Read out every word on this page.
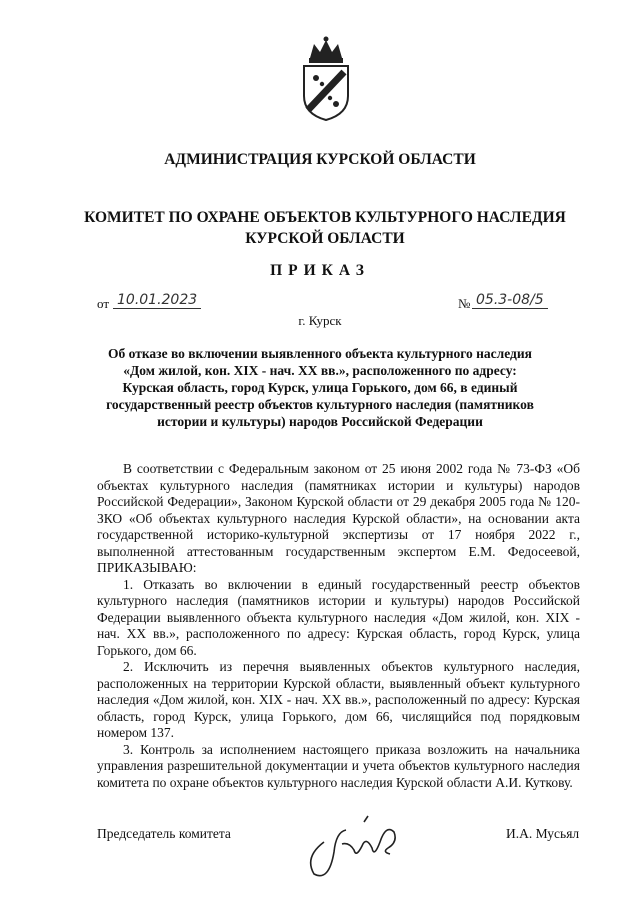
АДМИНИСТРАЦИЯ КУРСКОЙ ОБЛАСТИ
КОМИТЕТ ПО ОХРАНЕ ОБЪЕКТОВ КУЛЬТУРНОГО НАСЛЕДИЯ КУРСКОЙ ОБЛАСТИ
ПРИКАЗ
от 10.01.2023	№ 05.3-08/5
г. Курск
Об отказе во включении выявленного объекта культурного наследия «Дом жилой, кон. XIX - нач. XX вв.», расположенного по адресу: Курская область, город Курск, улица Горького, дом 66, в единый государственный реестр объектов культурного наследия (памятников истории и культуры) народов Российской Федерации

В соответствии с Федеральным законом от 25 июня 2002 года № 73-ФЗ «Об объектах культурного наследия (памятниках истории и культуры) народов Российской Федерации», Законом Курской области от 29 декабря 2005 года № 120-ЗКО «Об объектах культурного наследия Курской области», на основании акта государственной историко-культурной экспертизы от 17 ноября 2022 г., выполненной аттестованным государственным экспертом Е.М. Федосеевой, ПРИКАЗЫВАЮ:

1. Отказать во включении в единый государственный реестр объектов культурного наследия (памятников истории и культуры) народов Российской Федерации выявленного объекта культурного наследия «Дом жилой, кон. XIX - нач. XX вв.», расположенного по адресу: Курская область, город Курск, улица Горького, дом 66.

2. Исключить из перечня выявленных объектов культурного наследия, расположенных на территории Курской области, выявленный объект культурного наследия «Дом жилой, кон. XIX - нач. XX вв.», расположенный по адресу: Курская область, город Курск, улица Горького, дом 66, числящийся под порядковым номером 137.

3. Контроль за исполнением настоящего приказа возложить на начальника управления разрешительной документации и учета объектов культурного наследия комитета по охране объектов культурного наследия Курской области А.И. Куткову.

Председатель комитета	И.А. Мусьял
